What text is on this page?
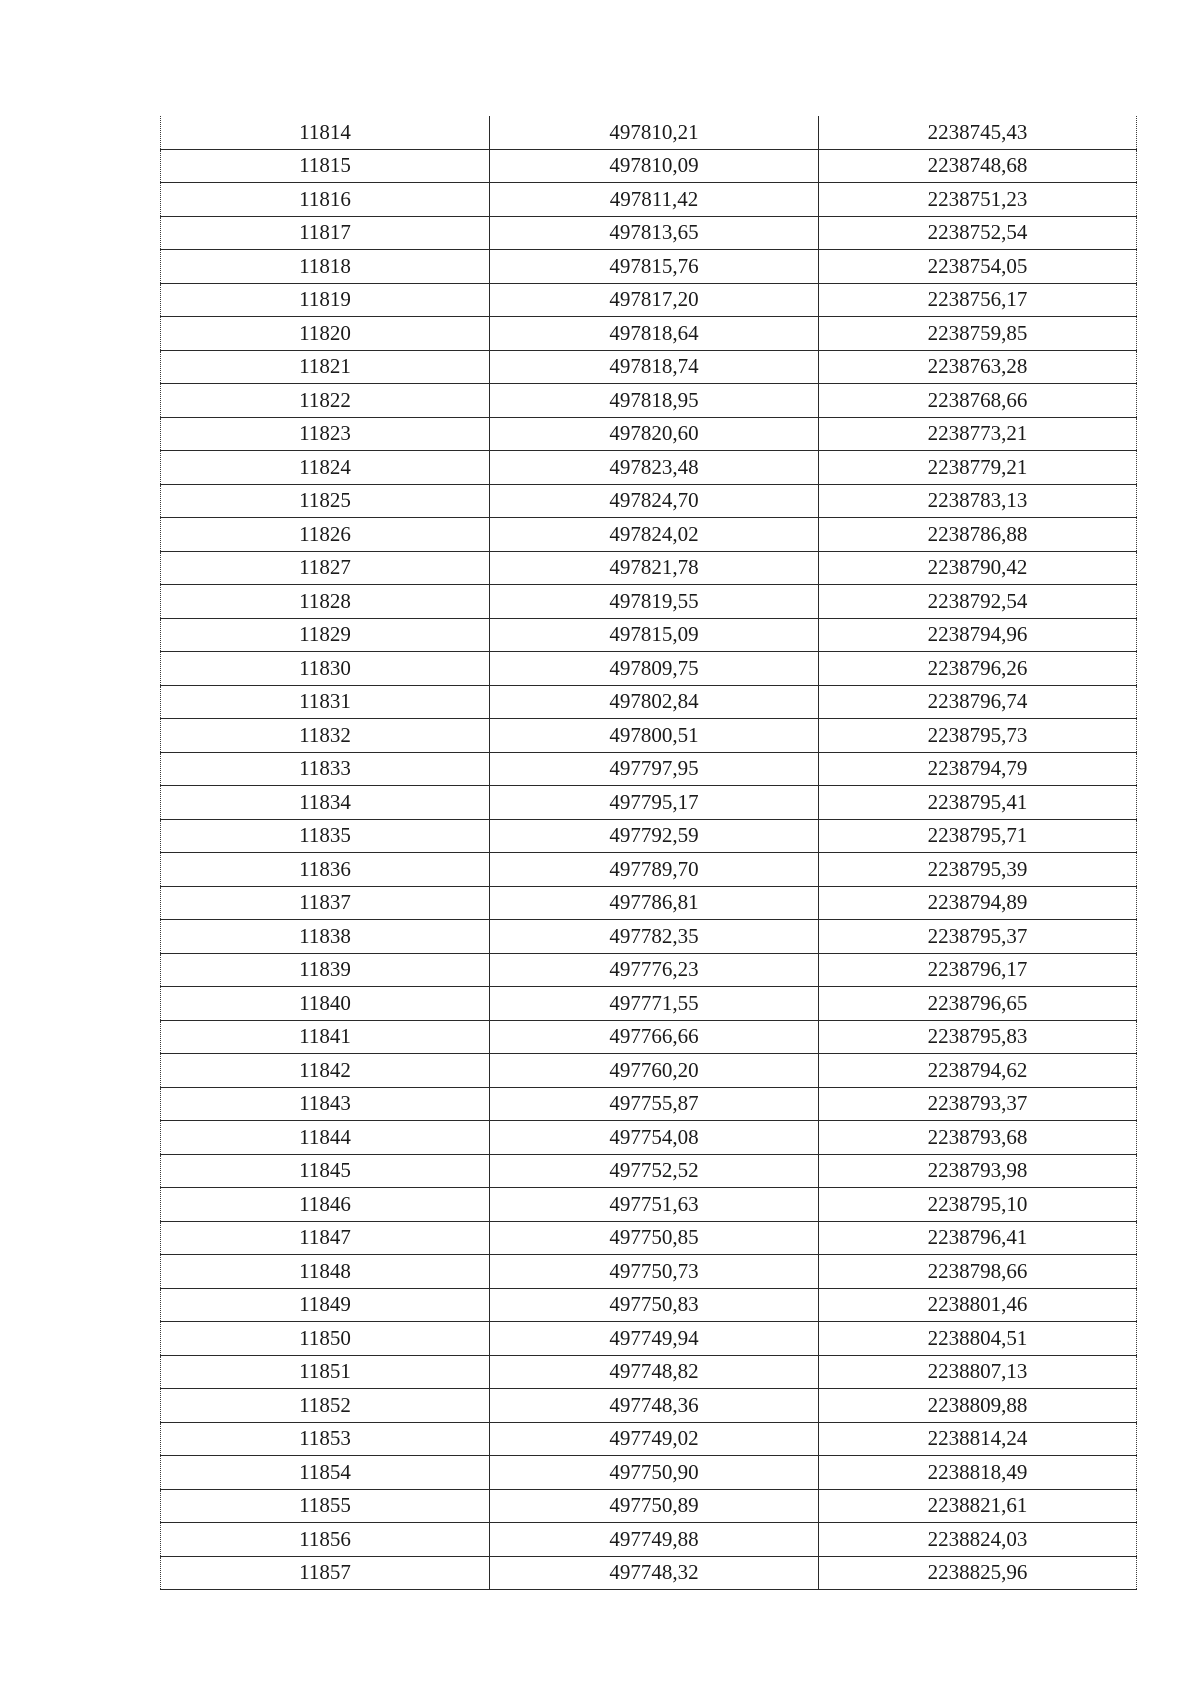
11814	497810,21	2238745,43
11815	497810,09	2238748,68
11816	497811,42	2238751,23
11817	497813,65	2238752,54
11818	497815,76	2238754,05
11819	497817,20	2238756,17
11820	497818,64	2238759,85
11821	497818,74	2238763,28
11822	497818,95	2238768,66
11823	497820,60	2238773,21
11824	497823,48	2238779,21
11825	497824,70	2238783,13
11826	497824,02	2238786,88
11827	497821,78	2238790,42
11828	497819,55	2238792,54
11829	497815,09	2238794,96
11830	497809,75	2238796,26
11831	497802,84	2238796,74
11832	497800,51	2238795,73
11833	497797,95	2238794,79
11834	497795,17	2238795,41
11835	497792,59	2238795,71
11836	497789,70	2238795,39
11837	497786,81	2238794,89
11838	497782,35	2238795,37
11839	497776,23	2238796,17
11840	497771,55	2238796,65
11841	497766,66	2238795,83
11842	497760,20	2238794,62
11843	497755,87	2238793,37
11844	497754,08	2238793,68
11845	497752,52	2238793,98
11846	497751,63	2238795,10
11847	497750,85	2238796,41
11848	497750,73	2238798,66
11849	497750,83	2238801,46
11850	497749,94	2238804,51
11851	497748,82	2238807,13
11852	497748,36	2238809,88
11853	497749,02	2238814,24
11854	497750,90	2238818,49
11855	497750,89	2238821,61
11856	497749,88	2238824,03
11857	497748,32	2238825,96
